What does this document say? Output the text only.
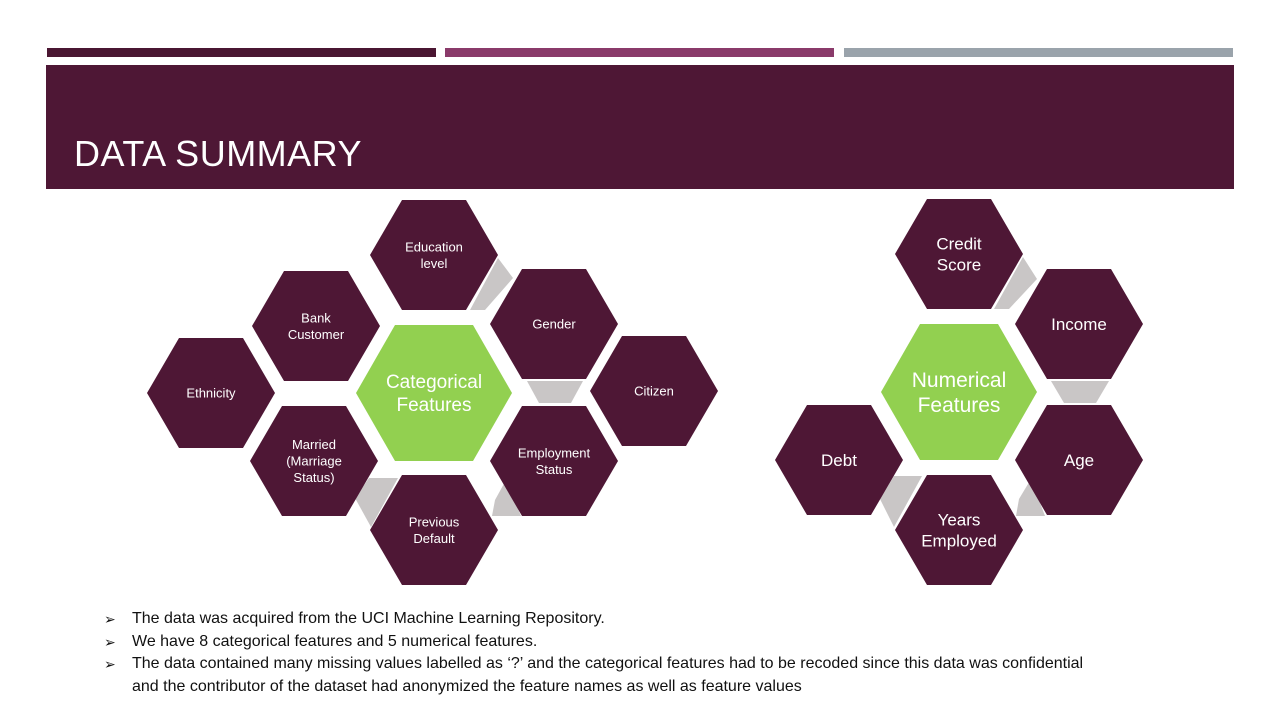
DATA SUMMARY
Categorical
Features
Education
level
Bank
Customer
Gender
Ethnicity	Citizen
Married
(Marriage
Status)
Employment
Status
Previous
Default
Numerical
Features
Credit
Score
Income
Debt	Age
Years
Employed
➢ The data was acquired from the UCI Machine Learning Repository.
➢ We have 8 categorical features and 5 numerical features.
➢ The data contained many missing values labelled as ‘?’ and the categorical features had to be recoded since this data was confidential and the contributor of the dataset had anonymized the feature names as well as feature values
